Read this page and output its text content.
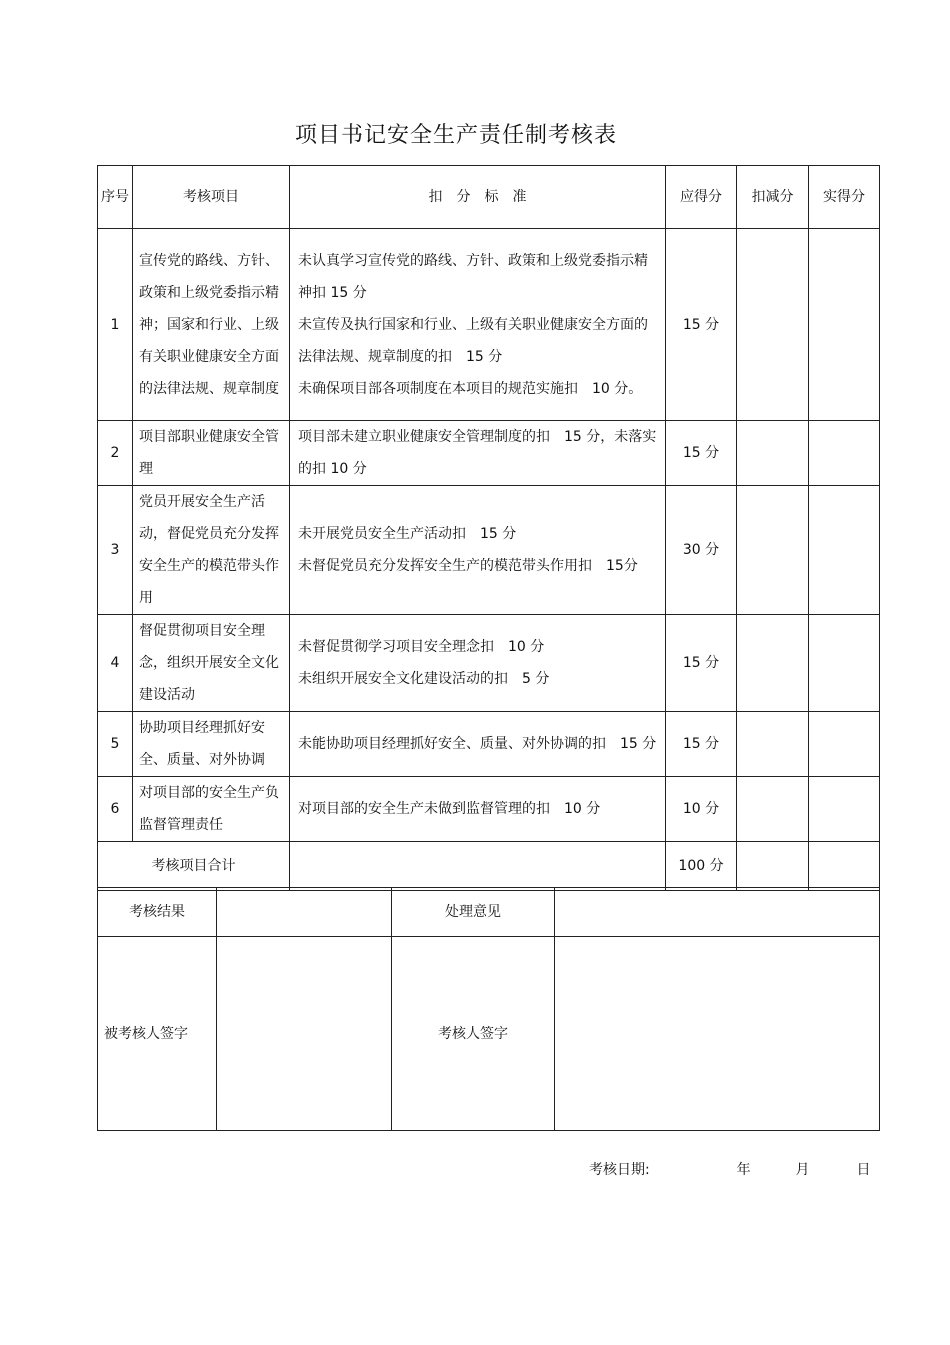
项目书记安全生产责任制考核表
序号	考核项目	扣　分　标　准	应得分	扣减分	实得分
1	宣传党的路线、方针、政策和上级党委指示精神；国家和行业、上级有关职业健康安全方面的法律法规、规章制度	未认真学习宣传党的路线、方针、政策和上级党委指示精神扣 15 分
未宣传及执行国家和行业、上级有关职业健康安全方面的法律法规、规章制度的扣　15 分
未确保项目部各项制度在本项目的规范实施扣　10 分。	15 分		
2	项目部职业健康安全管理	项目部未建立职业健康安全管理制度的扣　15 分，未落实的扣 10 分	15 分		
3	党员开展安全生产活动，督促党员充分发挥安全生产的模范带头作用	未开展党员安全生产活动扣　15 分
未督促党员充分发挥安全生产的模范带头作用扣　15分	30 分		
4	督促贯彻项目安全理念，组织开展安全文化建设活动	未督促贯彻学习项目安全理念扣　10 分
未组织开展安全文化建设活动的扣　5 分	15 分		
5	协助项目经理抓好安全、质量、对外协调	未能协助项目经理抓好安全、质量、对外协调的扣　15 分	15 分		
6	对项目部的安全生产负监督管理责任	对项目部的安全生产未做到监督管理的扣　10 分	10 分		
考核项目合计			100 分		
考核结果		处理意见	
被考核人签字		考核人签字	
考核日期:	年	月	日
